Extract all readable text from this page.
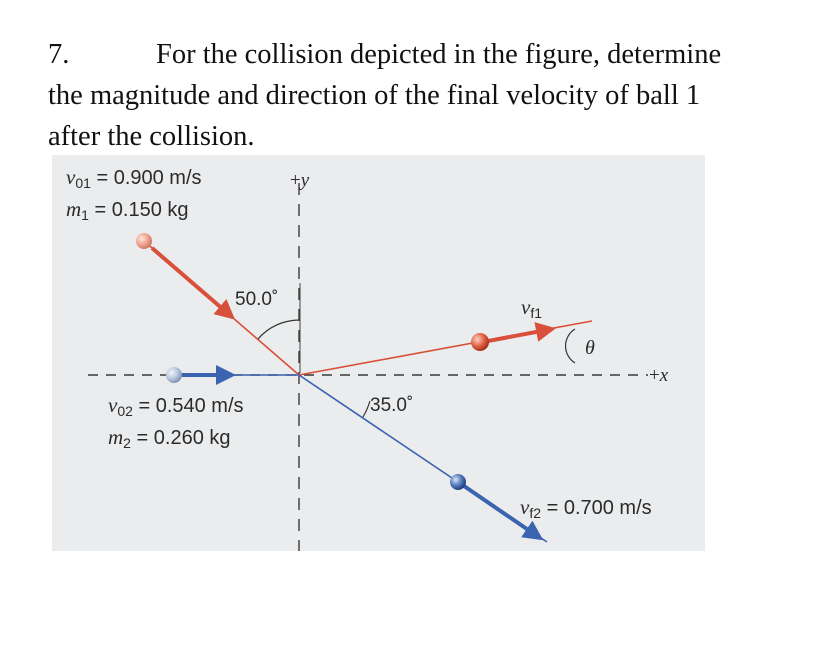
7.	For the collision depicted in the figure, determine
the magnitude and direction of the final velocity of ball 1
after the collision.
$v_{01} = 0.900$ m/s
$m_1 = 0.150$ kg
+y
50.0˚	$v_{f1}$
θ
+x
$v_{02} = 0.540$ m/s
$m_2 = 0.260$ kg
35.0˚
$v_{f2} = 0.700$ m/s
